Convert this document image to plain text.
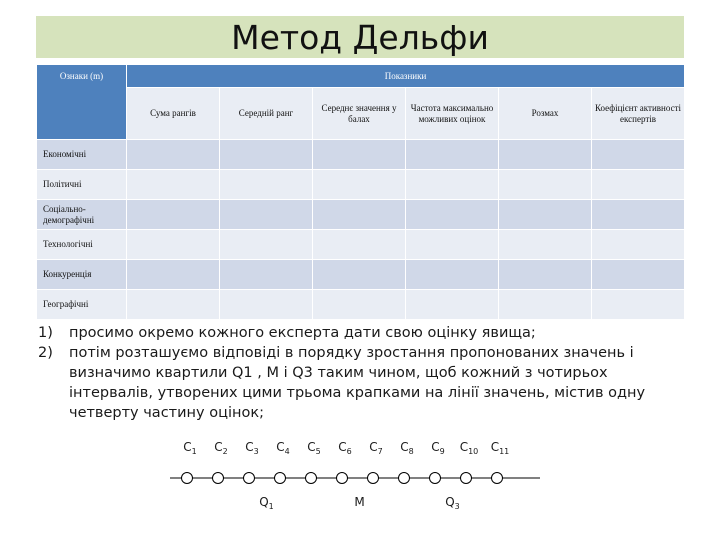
Метод Дельфи
Ознаки (m)	Показники					
	Сума рангів	Середній ранг	Середнє значення у балах	Частота максимально можливих оцінок	Розмах	Коефіцієнт активності експертів
Економічні						
Політичні						
Соціально-демографічні						
Технологічні						
Конкуренція						
Географічні						
1) просимо окремо кожного експерта дати свою оцінку явища;
2) потім розташуємо відповіді в порядку зростання пропонованих значень і визначимо квартили Q1 , M і Q3 таким чином, щоб кожний з чотирьох інтервалів, утворених цими трьома крапками на лінії значень, містив одну четверту частину оцінок;
$C_1$ $C_2$ $C_3$ $C_4$ $C_5$ $C_6$ $C_7$ $C_8$ $C_9$ $C_{10}$ $C_{11}$
$Q_1$	M	$Q_3$
